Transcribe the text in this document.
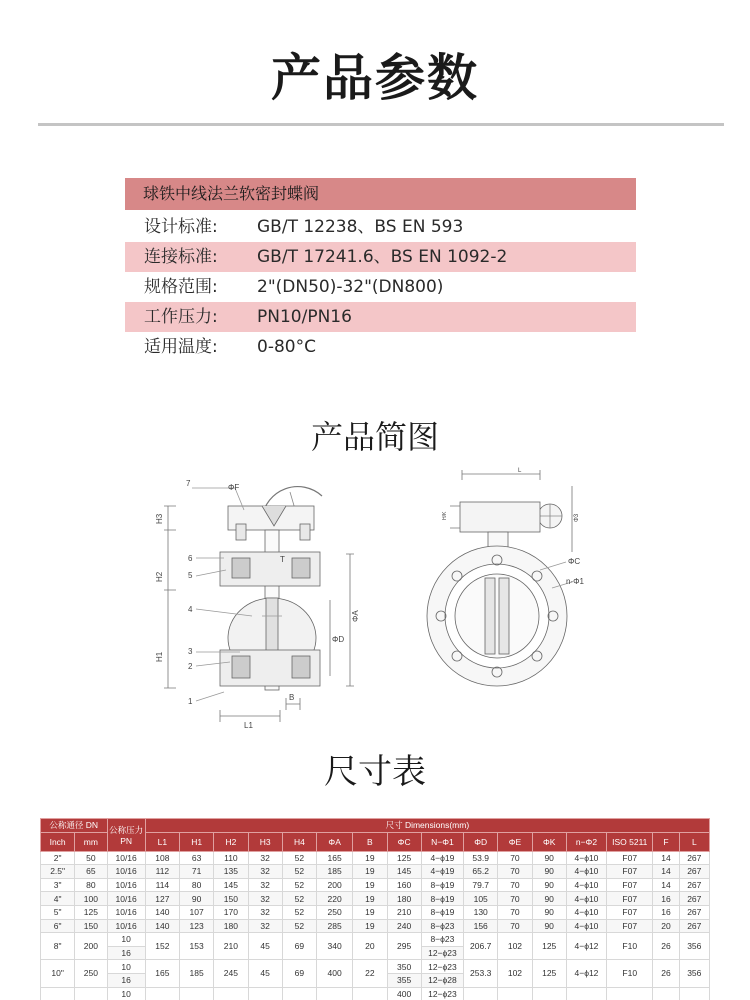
产品参数
球铁中线法兰软密封蝶阀
设计标准:	GB/T 12238、BS EN 593
连接标准:	GB/T 17241.6、BS EN 1092-2
规格范围:	2"(DN50)-32"(DN800)
工作压力:	PN10/PN16
适用温度:	0-80°C
产品简图
ΦF
H3
H2
H1
L1
B
ΦD
ΦA
T
7
6
5
4
3
2
1
L
Φ3
ΦC
n-Φ1
H/K
尺寸表
公称通径 DN		公称压力 PN	尺寸 Dimensions(mm)															
Inch	mm		L1	H1	H2	H3	H4	ΦA	B	ΦC	N−Φ1	ΦD	ΦE	ΦK	n−Φ2	ISO 5211	F	L
2"	50	10/16	108	63	110	32	52	165	19	125	4−ϕ19	53.9	70	90	4−ϕ10	F07	14	267
2.5"	65	10/16	112	71	135	32	52	185	19	145	4−ϕ19	65.2	70	90	4−ϕ10	F07	14	267
3"	80	10/16	114	80	145	32	52	200	19	160	8−ϕ19	79.7	70	90	4−ϕ10	F07	14	267
4"	100	10/16	127	90	150	32	52	220	19	180	8−ϕ19	105	70	90	4−ϕ10	F07	16	267
5"	125	10/16	140	107	170	32	52	250	19	210	8−ϕ19	130	70	90	4−ϕ10	F07	16	267
6"	150	10/16	140	123	180	32	52	285	19	240	8−ϕ23	156	70	90	4−ϕ10	F07	20	267
8"	200	10	152	153	210	45	69	340	20	295	8−ϕ23	206.7	102	125	4−ϕ12	F10	26	356
		16									12−ϕ23							
10"	250	10	165	185	245	45	69	400	22	350	12−ϕ23	253.3	102	125	4−ϕ12	F10	26	356
		16								355	12−ϕ28							
		10								400	12−ϕ23							
